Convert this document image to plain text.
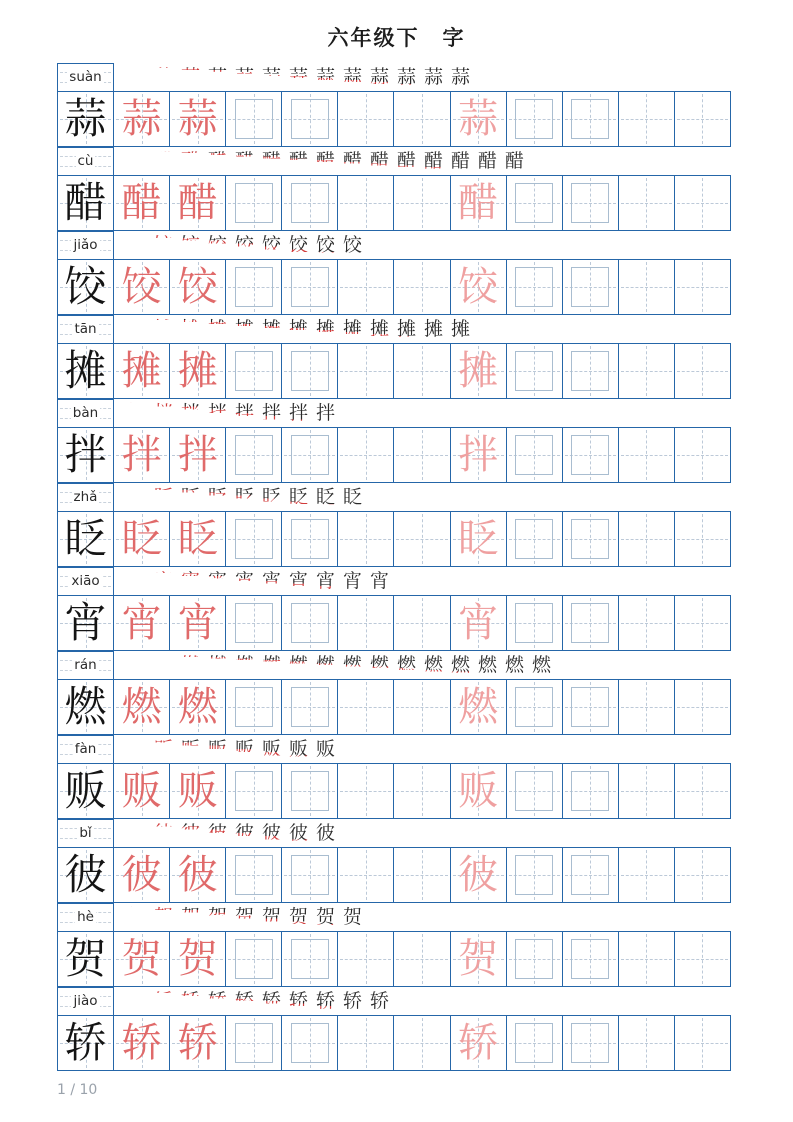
六年级下　字
suàn 蒜 蒜 蒜 蒜 蒜 蒜 蒜 蒜 蒜 蒜 蒜 蒜 蒜
蒜 蒜 蒜	蒜
cù 醋 醋 醋 醋 醋 醋 醋 醋 醋 醋 醋 醋 醋 醋 醋
醋 醋 醋	醋
jiǎo 饺 饺 饺 饺 饺 饺 饺 饺 饺
饺 饺 饺	饺
tān 摊 摊 摊 摊 摊 摊 摊 摊 摊 摊 摊 摊 摊
摊 摊 摊	摊
bàn 拌 拌 拌 拌 拌 拌 拌 拌
拌 拌 拌	拌
zhǎ 眨 眨 眨 眨 眨 眨 眨 眨 眨
眨 眨 眨	眨
xiāo 宵 宵 宵 宵 宵 宵 宵 宵 宵 宵
宵 宵 宵	宵
rán 燃 燃 燃 燃 燃 燃 燃 燃 燃 燃 燃 燃 燃 燃 燃 燃
燃 燃 燃	燃
fàn 贩 贩 贩 贩 贩 贩 贩 贩
贩 贩 贩	贩
bǐ 彼 彼 彼 彼 彼 彼 彼 彼
彼 彼 彼	彼
hè 贺 贺 贺 贺 贺 贺 贺 贺 贺
贺 贺 贺	贺
jiào 轿 轿 轿 轿 轿 轿 轿 轿 轿 轿
轿 轿 轿	轿
1 / 10
